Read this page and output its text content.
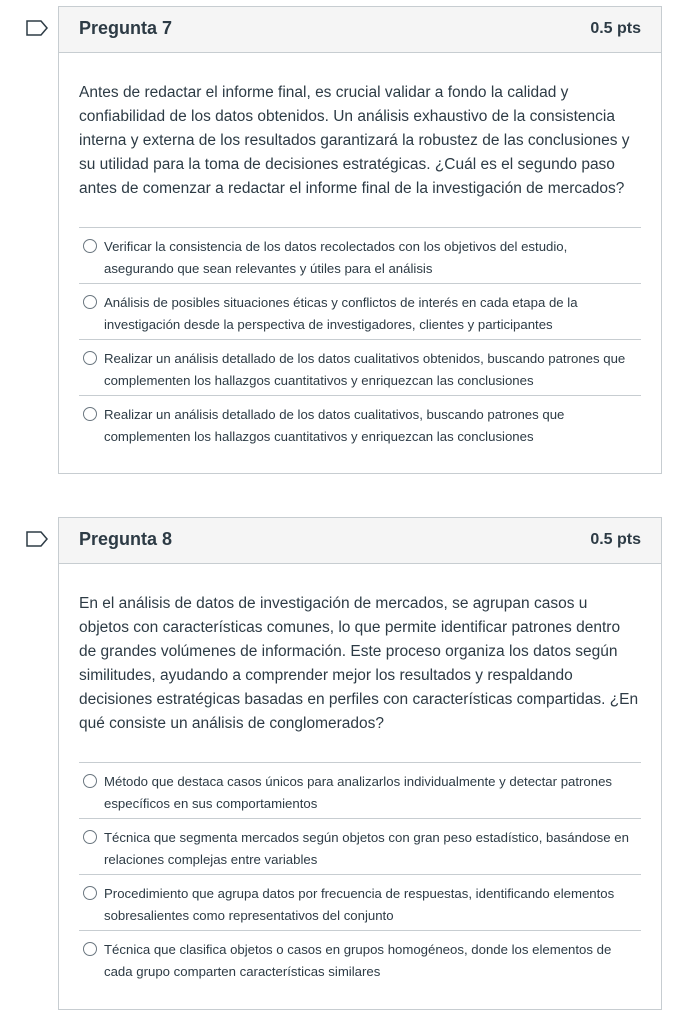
Pregunta 7	0.5 pts
Antes de redactar el informe final, es crucial validar a fondo la calidad y confiabilidad de los datos obtenidos. Un análisis exhaustivo de la consistencia interna y externa de los resultados garantizará la robustez de las conclusiones y su utilidad para la toma de decisiones estratégicas. ¿Cuál es el segundo paso antes de comenzar a redactar el informe final de la investigación de mercados?
Verificar la consistencia de los datos recolectados con los objetivos del estudio, asegurando que sean relevantes y útiles para el análisis
Análisis de posibles situaciones éticas y conflictos de interés en cada etapa de la investigación desde la perspectiva de investigadores, clientes y participantes
Realizar un análisis detallado de los datos cualitativos obtenidos, buscando patrones que complementen los hallazgos cuantitativos y enriquezcan las conclusiones
Realizar un análisis detallado de los datos cualitativos, buscando patrones que complementen los hallazgos cuantitativos y enriquezcan las conclusiones
Pregunta 8	0.5 pts
En el análisis de datos de investigación de mercados, se agrupan casos u objetos con características comunes, lo que permite identificar patrones dentro de grandes volúmenes de información. Este proceso organiza los datos según similitudes, ayudando a comprender mejor los resultados y respaldando decisiones estratégicas basadas en perfiles con características compartidas. ¿En qué consiste un análisis de conglomerados?
Método que destaca casos únicos para analizarlos individualmente y detectar patrones específicos en sus comportamientos
Técnica que segmenta mercados según objetos con gran peso estadístico, basándose en relaciones complejas entre variables
Procedimiento que agrupa datos por frecuencia de respuestas, identificando elementos sobresalientes como representativos del conjunto
Técnica que clasifica objetos o casos en grupos homogéneos, donde los elementos de cada grupo comparten características similares
